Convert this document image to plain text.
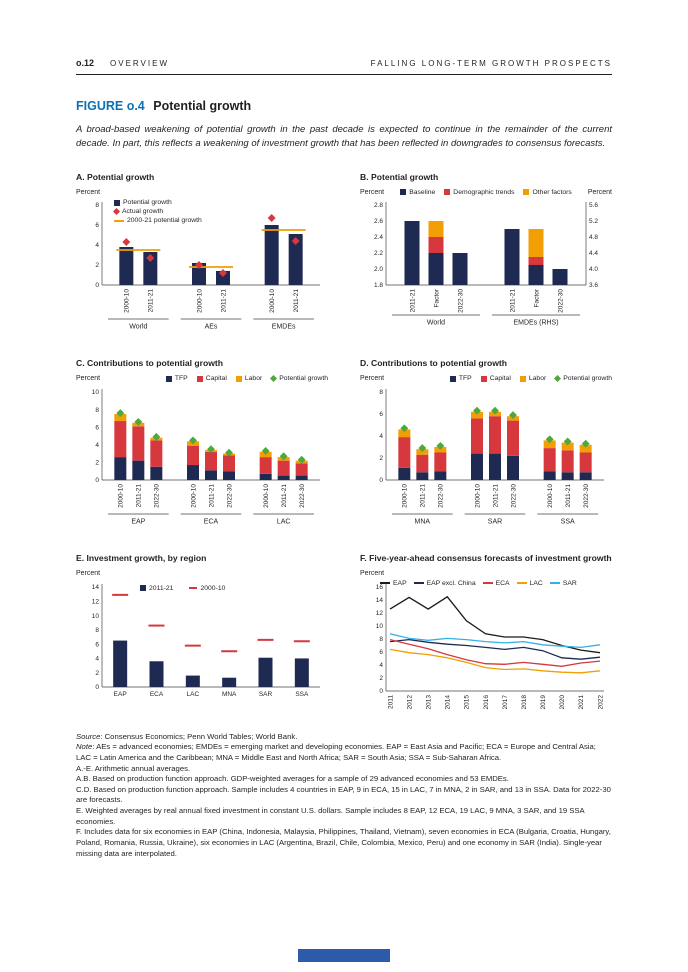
o.12 OVERVIEW	FALLING LONG-TERM GROWTH PROSPECTS
FIGURE o.4 Potential growth

A broad-based weakening of potential growth in the past decade is expected to continue in the remainder of the current decade. In part, this reflects a weakening of investment growth that has been reflected in downgrades to consensus forecasts.

A. Potential growth
Percent
Potential growth
Actual growth
2000-21 potential growth
0
2
4
6
8
2000-10	2011-21
World
2000-10	2011-21
AEs
2000-10	2011-21
EMDEs
B. Potential growth
Percent	Baseline	Demographic trends	Other factors Percent
1.8
2.0
2.2
2.4
2.6
2.8
3.6
4.0
4.4
4.8
5.2
5.6
2011-21	Factor	2022-30
World
2011-21	Factor	2022-30
EMDEs (RHS)
C. Contributions to potential growth
Percent	TFP	Capital	Labor	Potential growth
0
2
4
6
8
10
2000-10 2011-21 2022-30
EAP
2000-10 2011-21 2022-30
ECA
2000-10 2011-21 2022-30
LAC
D. Contributions to potential growth
Percent	TFP	Capital	Labor	Potential growth
0
2
4
6
8
2000-10 2011-21 2022-30
MNA
2000-10 2011-21 2022-30
SAR
2000-10 2011-21 2022-30
SSA
E. Investment growth, by region
Percent
2011-21	2000-10
0
2
4
6
8
10
12
14
EAP	ECA	LAC	MNA	SAR	SSA
F. Five-year-ahead consensus forecasts of investment growth
Percent
EAP	EAP excl. China	ECA	LAC	SAR
0
2
4
6
8
10
12
14
16
2011 2012 2013 2014 2015 2016 2017 2018 2019 2020 2021 2022

Source: Consensus Economics; Penn World Tables; World Bank.

Note: AEs = advanced economies; EMDEs = emerging market and developing economies. EAP = East Asia and Pacific; ECA = Europe and Central Asia; LAC = Latin America and the Caribbean; MNA = Middle East and North Africa; SAR = South Asia; SSA = Sub-Saharan Africa.

A.-E. Arithmetic annual averages.

A.B. Based on production function approach. GDP-weighted averages for a sample of 29 advanced economies and 53 EMDEs.

C.D. Based on production function approach. Sample includes 4 countries in EAP, 9 in ECA, 15 in LAC, 7 in MNA, 2 in SAR, and 13 in SSA. Data for 2022-30 are forecasts.

E. Weighted averages by real annual fixed investment in constant U.S. dollars. Sample includes 8 EAP, 12 ECA, 19 LAC, 9 MNA, 3 SAR, and 19 SSA economies.

F. Includes data for six economies in EAP (China, Indonesia, Malaysia, Philippines, Thailand, Vietnam), seven economies in ECA (Bulgaria, Croatia, Hungary, Poland, Romania, Russia, Ukraine), six economies in LAC (Argentina, Brazil, Chile, Colombia, Mexico, Peru) and one economy in SAR (India). Single-year missing data are interpolated.
